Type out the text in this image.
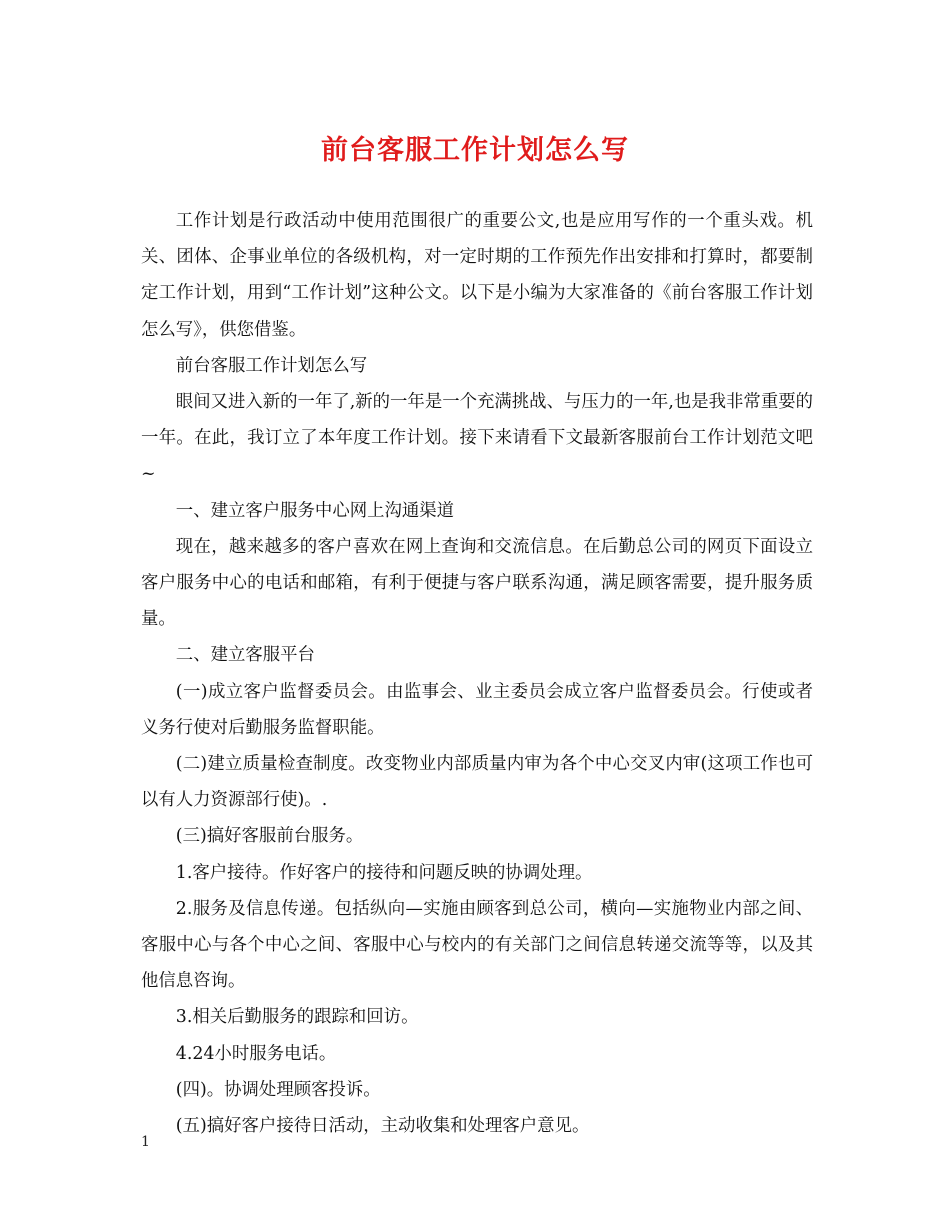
前台客服工作计划怎么写

工作计划是行政活动中使用范围很广的重要公文,也是应用写作的一个重头戏。机关、团体、企事业单位的各级机构，对一定时期的工作预先作出安排和打算时，都要制定工作计划，用到“工作计划”这种公文。以下是小编为大家准备的《前台客服工作计划怎么写》，供您借鉴。

前台客服工作计划怎么写

眼间又进入新的一年了,新的一年是一个充满挑战、与压力的一年,也是我非常重要的一年。在此，我订立了本年度工作计划。接下来请看下文最新客服前台工作计划范文吧~

一、建立客户服务中心网上沟通渠道

现在，越来越多的客户喜欢在网上查询和交流信息。在后勤总公司的网页下面设立客户服务中心的电话和邮箱，有利于便捷与客户联系沟通，满足顾客需要，提升服务质量。

二、建立客服平台

(一)成立客户监督委员会。由监事会、业主委员会成立客户监督委员会。行使或者义务行使对后勤服务监督职能。

(二)建立质量检查制度。改变物业内部质量内审为各个中心交叉内审(这项工作也可以有人力资源部行使)。.

(三)搞好客服前台服务。

1.客户接待。作好客户的接待和问题反映的协调处理。

2.服务及信息传递。包括纵向—实施由顾客到总公司，横向—实施物业内部之间、客服中心与各个中心之间、客服中心与校内的有关部门之间信息转递交流等等，以及其他信息咨询。

3.相关后勤服务的跟踪和回访。

4.24小时服务电话。

(四)。协调处理顾客投诉。

(五)搞好客户接待日活动，主动收集和处理客户意见。

1
